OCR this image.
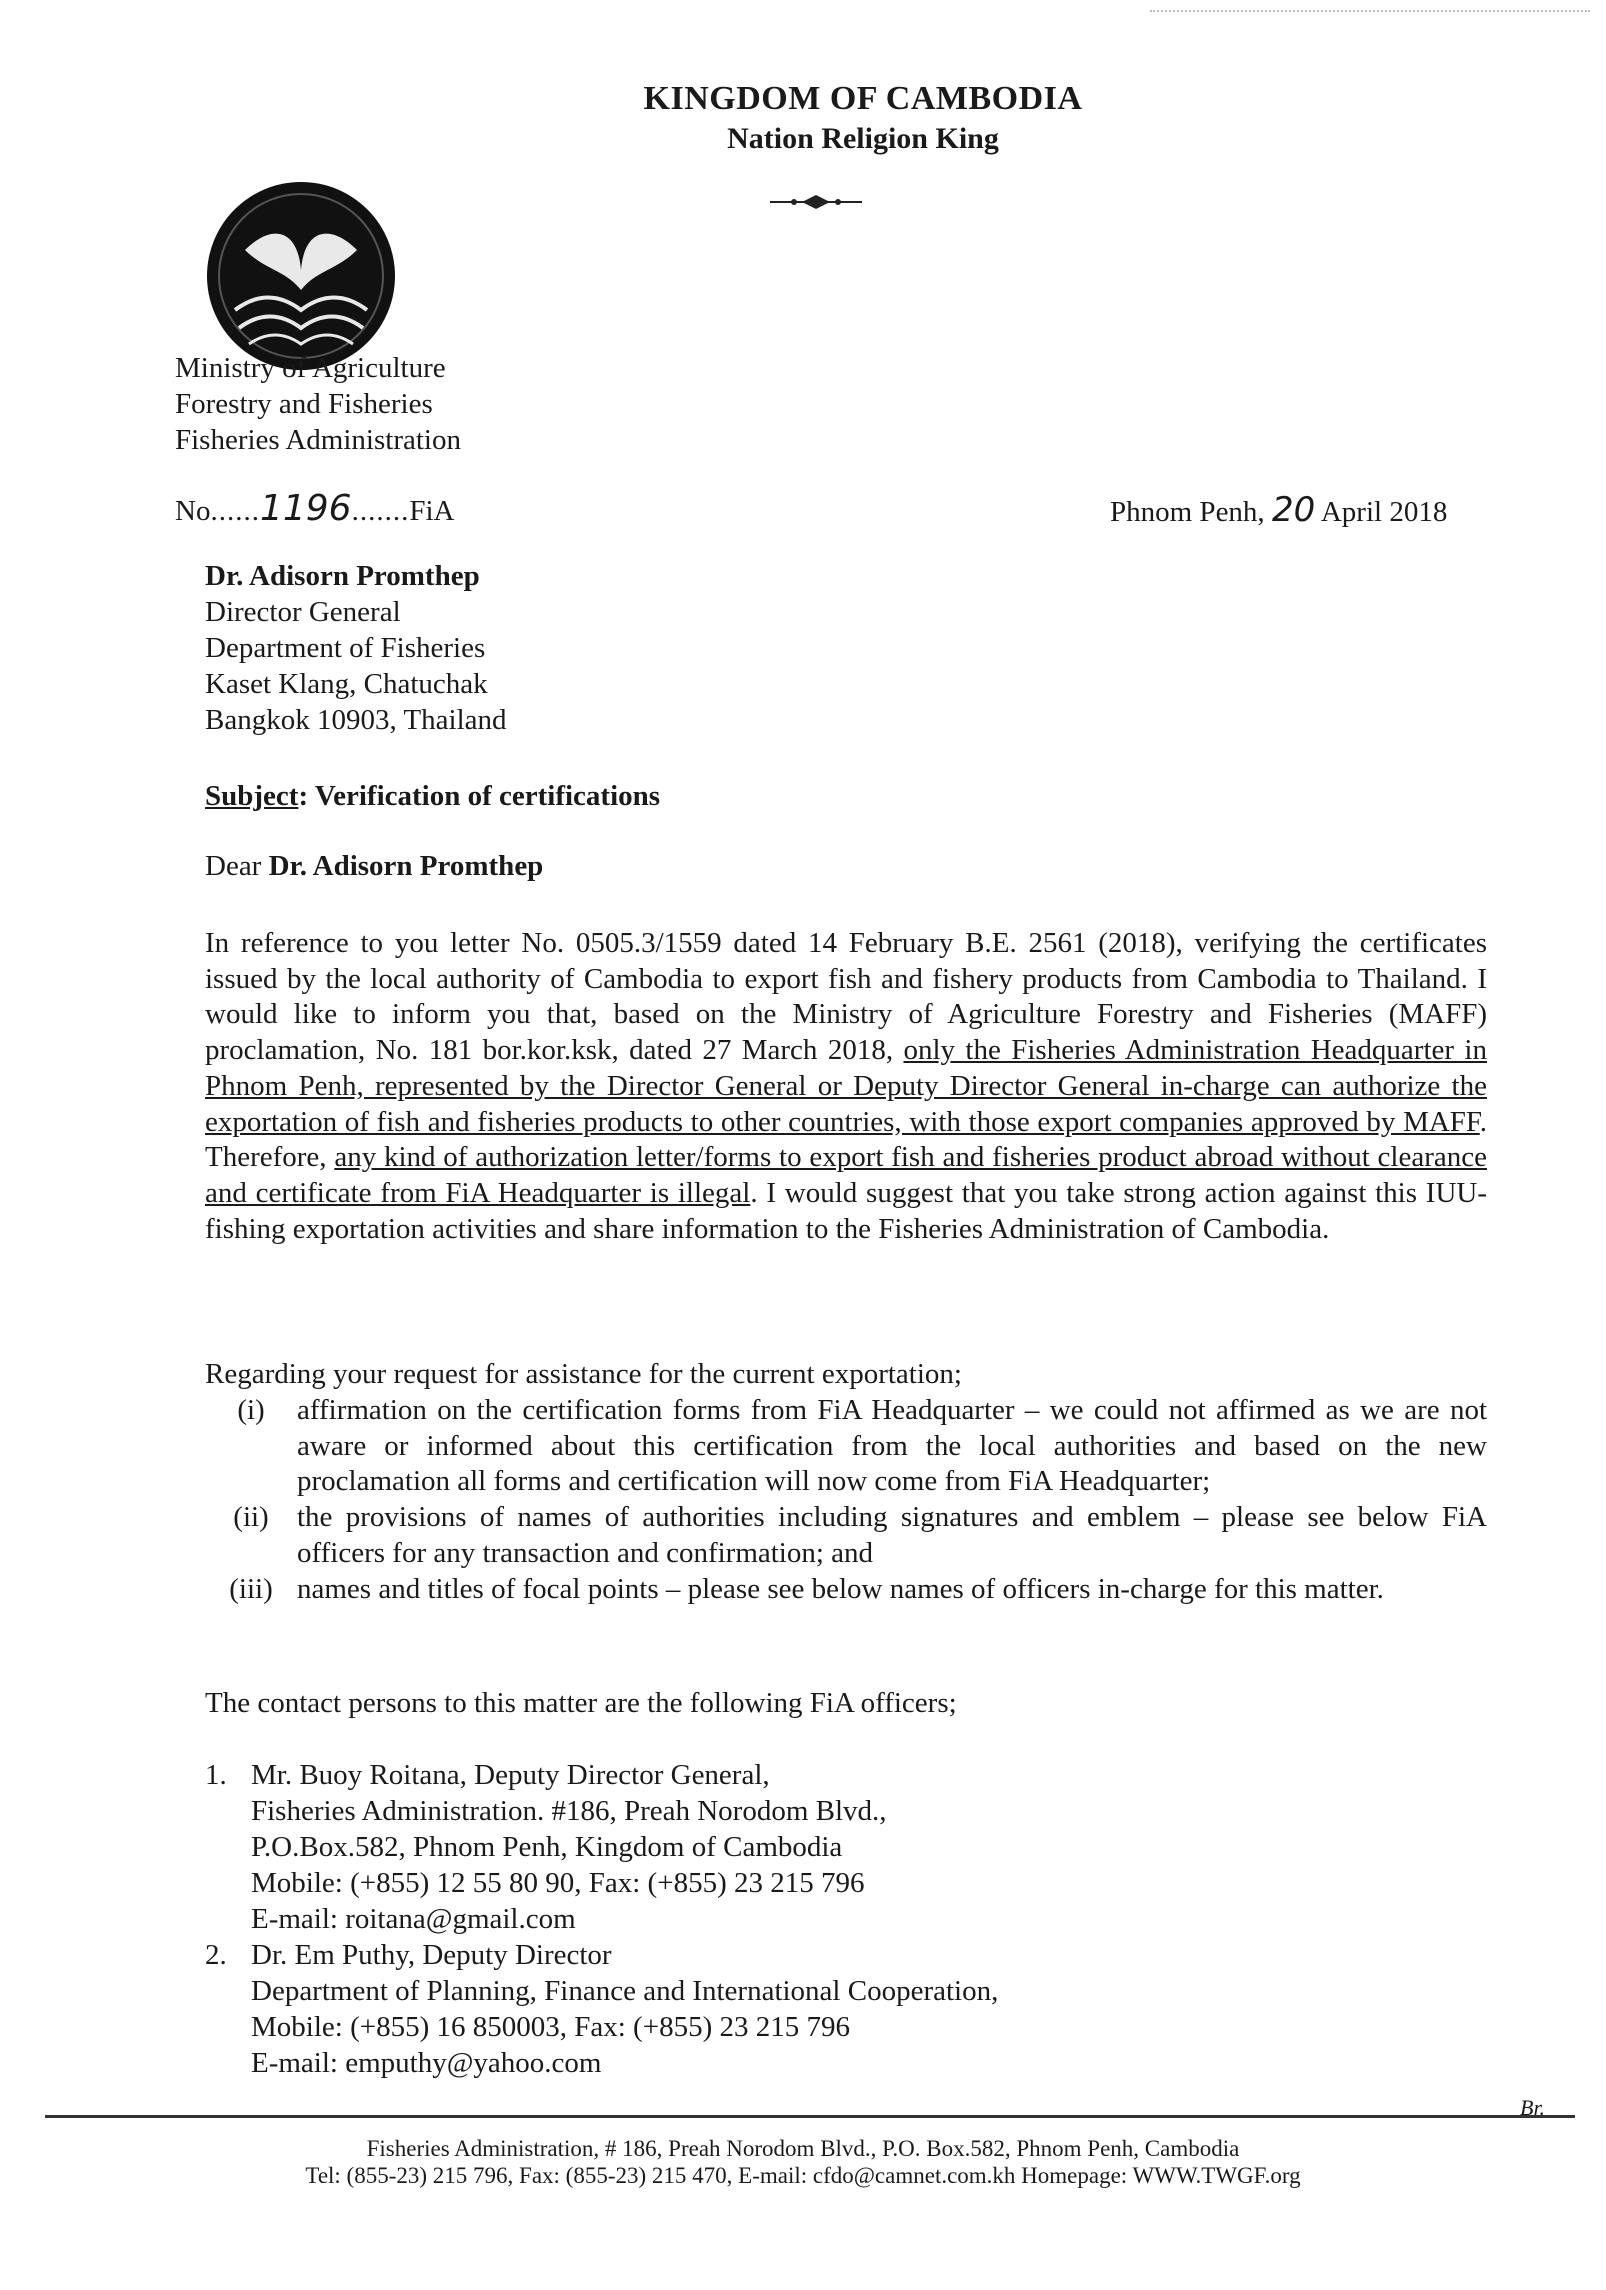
KINGDOM OF CAMBODIA
Nation Religion King
Ministry of Agriculture
Forestry and Fisheries
Fisheries Administration
No......1196.......FiA	Phnom Penh, 20 April 2018
Dr. Adisorn Promthep
Director General
Department of Fisheries
Kaset Klang, Chatuchak
Bangkok 10903, Thailand
Subject: Verification of certifications
Dear Dr. Adisorn Promthep
In reference to you letter No. 0505.3/1559 dated 14 February B.E. 2561 (2018), verifying the certificates issued by the local authority of Cambodia to export fish and fishery products from Cambodia to Thailand. I would like to inform you that, based on the Ministry of Agriculture Forestry and Fisheries (MAFF) proclamation, No. 181 bor.kor.ksk, dated 27 March 2018, only the Fisheries Administration Headquarter in Phnom Penh, represented by the Director General or Deputy Director General in-charge can authorize the exportation of fish and fisheries products to other countries, with those export companies approved by MAFF. Therefore, any kind of authorization letter/forms to export fish and fisheries product abroad without clearance and certificate from FiA Headquarter is illegal. I would suggest that you take strong action against this IUU-fishing exportation activities and share information to the Fisheries Administration of Cambodia.
Regarding your request for assistance for the current exportation;
(i)	affirmation on the certification forms from FiA Headquarter – we could not affirmed as we are not aware or informed about this certification from the local authorities and based on the new proclamation all forms and certification will now come from FiA Headquarter;
(ii) the provisions of names of authorities including signatures and emblem – please see below FiA officers for any transaction and confirmation; and
(iii) names and titles of focal points – please see below names of officers in-charge for this matter.
The contact persons to this matter are the following FiA officers;
1. Mr. Buoy Roitana, Deputy Director General,
Fisheries Administration. #186, Preah Norodom Blvd.,
P.O.Box.582, Phnom Penh, Kingdom of Cambodia
Mobile: (+855) 12 55 80 90, Fax: (+855) 23 215 796
E-mail: roitana@gmail.com
2. Dr. Em Puthy, Deputy Director
Department of Planning, Finance and International Cooperation,
Mobile: (+855) 16 850003, Fax: (+855) 23 215 796
E-mail: emputhy@yahoo.com
Br.
Fisheries Administration, # 186, Preah Norodom Blvd., P.O. Box.582, Phnom Penh, Cambodia
Tel: (855-23) 215 796, Fax: (855-23) 215 470, E-mail: cfdo@camnet.com.kh Homepage: WWW.TWGF.org
